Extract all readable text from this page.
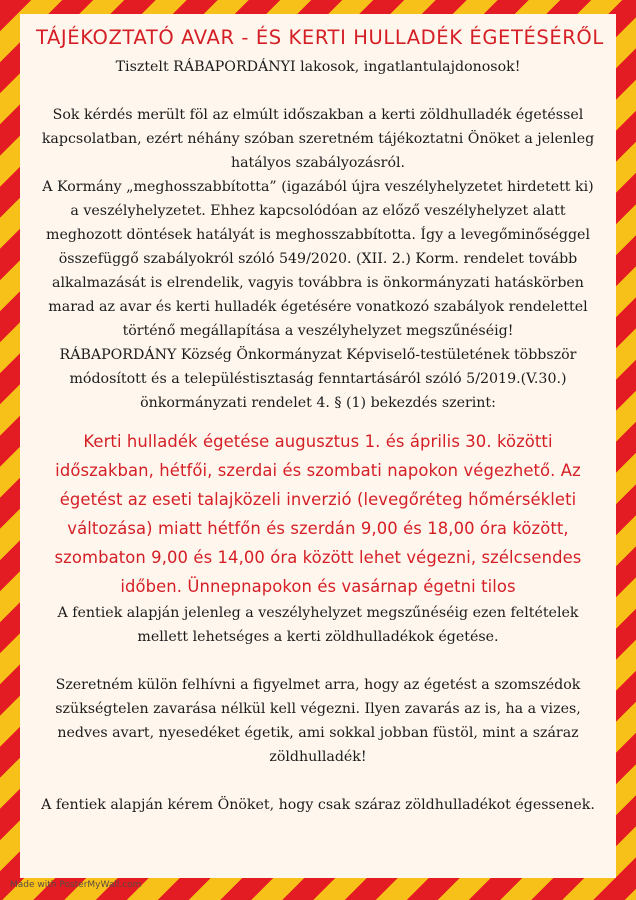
TÁJÉKOZTATÓ AVAR - ÉS KERTI HULLADÉK ÉGETÉSÉRŐL

Tisztelt RÁBAPORDÁNYI lakosok, ingatlantulajdonosok!

Sok kérdés merült föl az elmúlt időszakban a kerti zöldhulladék égetéssel kapcsolatban, ezért néhány szóban szeretném tájékoztatni Önöket a jelenleg hatályos szabályozásról.

A Kormány „meghosszabbította” (igazából újra veszélyhelyzetet hirdetett ki) a veszélyhelyzetet. Ehhez kapcsolódóan az előző veszélyhelyzet alatt meghozott döntések hatályát is meghosszabbította. Így a levegőminőséggel összefüggő szabályokról szóló 549/2020. (XII. 2.) Korm. rendelet tovább alkalmazását is elrendelik, vagyis továbbra is önkormányzati hatáskörben marad az avar és kerti hulladék égetésére vonatkozó szabályok rendelettel történő megállapítása a veszélyhelyzet megszűnéséig!

RÁBAPORDÁNY Község Önkormányzat Képviselő-testületének többször módosított és a településtisztaság fenntartásáról szóló 5/2019.(V.30.) önkormányzati rendelet 4. § (1) bekezdés szerint:

Kerti hulladék égetése augusztus 1. és április 30. közötti időszakban, hétfői, szerdai és szombati napokon végezhető. Az égetést az eseti talajközeli inverzió (levegőréteg hőmérsékleti változása) miatt hétfőn és szerdán 9,00 és 18,00 óra között, szombaton 9,00 és 14,00 óra között lehet végezni, szélcsendes időben. Ünnepnapokon és vasárnap égetni tilos

A fentiek alapján jelenleg a veszélyhelyzet megszűnéséig ezen feltételek mellett lehetséges a kerti zöldhulladékok égetése.

Szeretném külön felhívni a figyelmet arra, hogy az égetést a szomszédok szükségtelen zavarása nélkül kell végezni. Ilyen zavarás az is, ha a vizes, nedves avart, nyesedéket égetik, ami sokkal jobban füstöl, mint a száraz zöldhulladék!

A fentiek alapján kérem Önöket, hogy csak száraz zöldhulladékot égessenek.

Made with PosterMyWall.com
